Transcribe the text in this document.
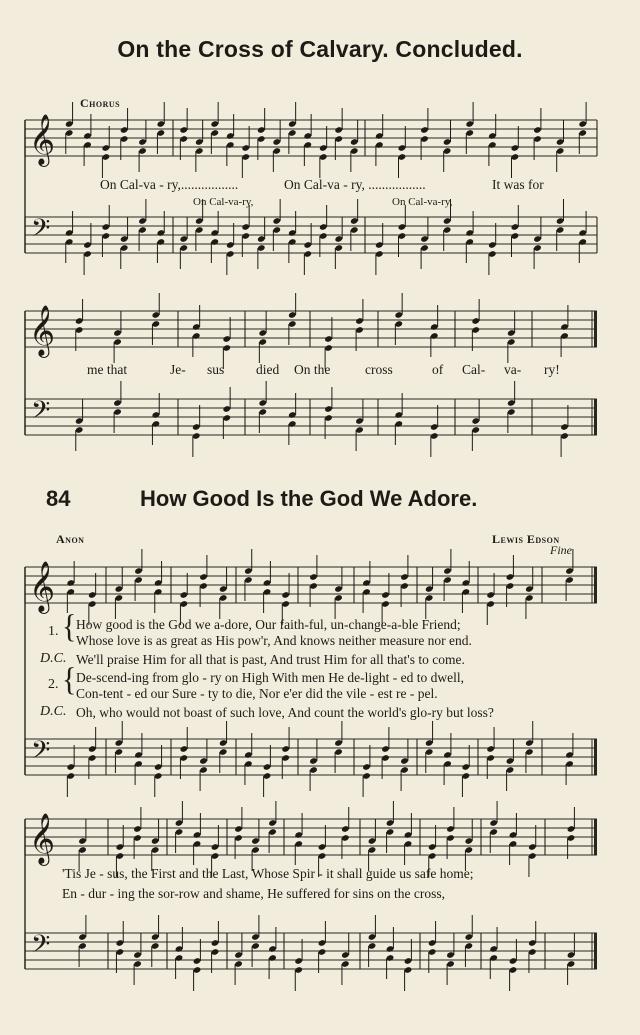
𝄞
𝄢
𝄞
𝄢
𝄞
𝄢
𝄞
𝄢
On the Cross of Calvary. Concluded.
Chorus
On Cal-va - ry,.................	On Cal-va - ry, .................	It was for
On Cal-va-ry,	On Cal-va-ry,
me that	Je- sus died On the	cross	of Cal- va- ry!
84	How Good Is the God We Adore.
Anon	Lewis Edson
Fine
1. { How good is the God we a-dore, Our faith-ful, un-change-a-ble Friend;
Whose love is as great as His pow'r, And knows neither measure nor end.
D.C. We'll praise Him for all that is past, And trust Him for all that's to come.
2. { De-scend-ing from glo - ry on High With men He de-light - ed to dwell,
Con-tent - ed our Sure - ty to die, Nor e'er did the vile - est re - pel.
D.C. Oh, who would not boast of such love, And count the world's glo-ry but loss?
'Tis Je - sus, the First and the Last, Whose Spir - it shall guide us safe home;
En - dur - ing the sor-row and shame, He suffered for sins on the cross,
